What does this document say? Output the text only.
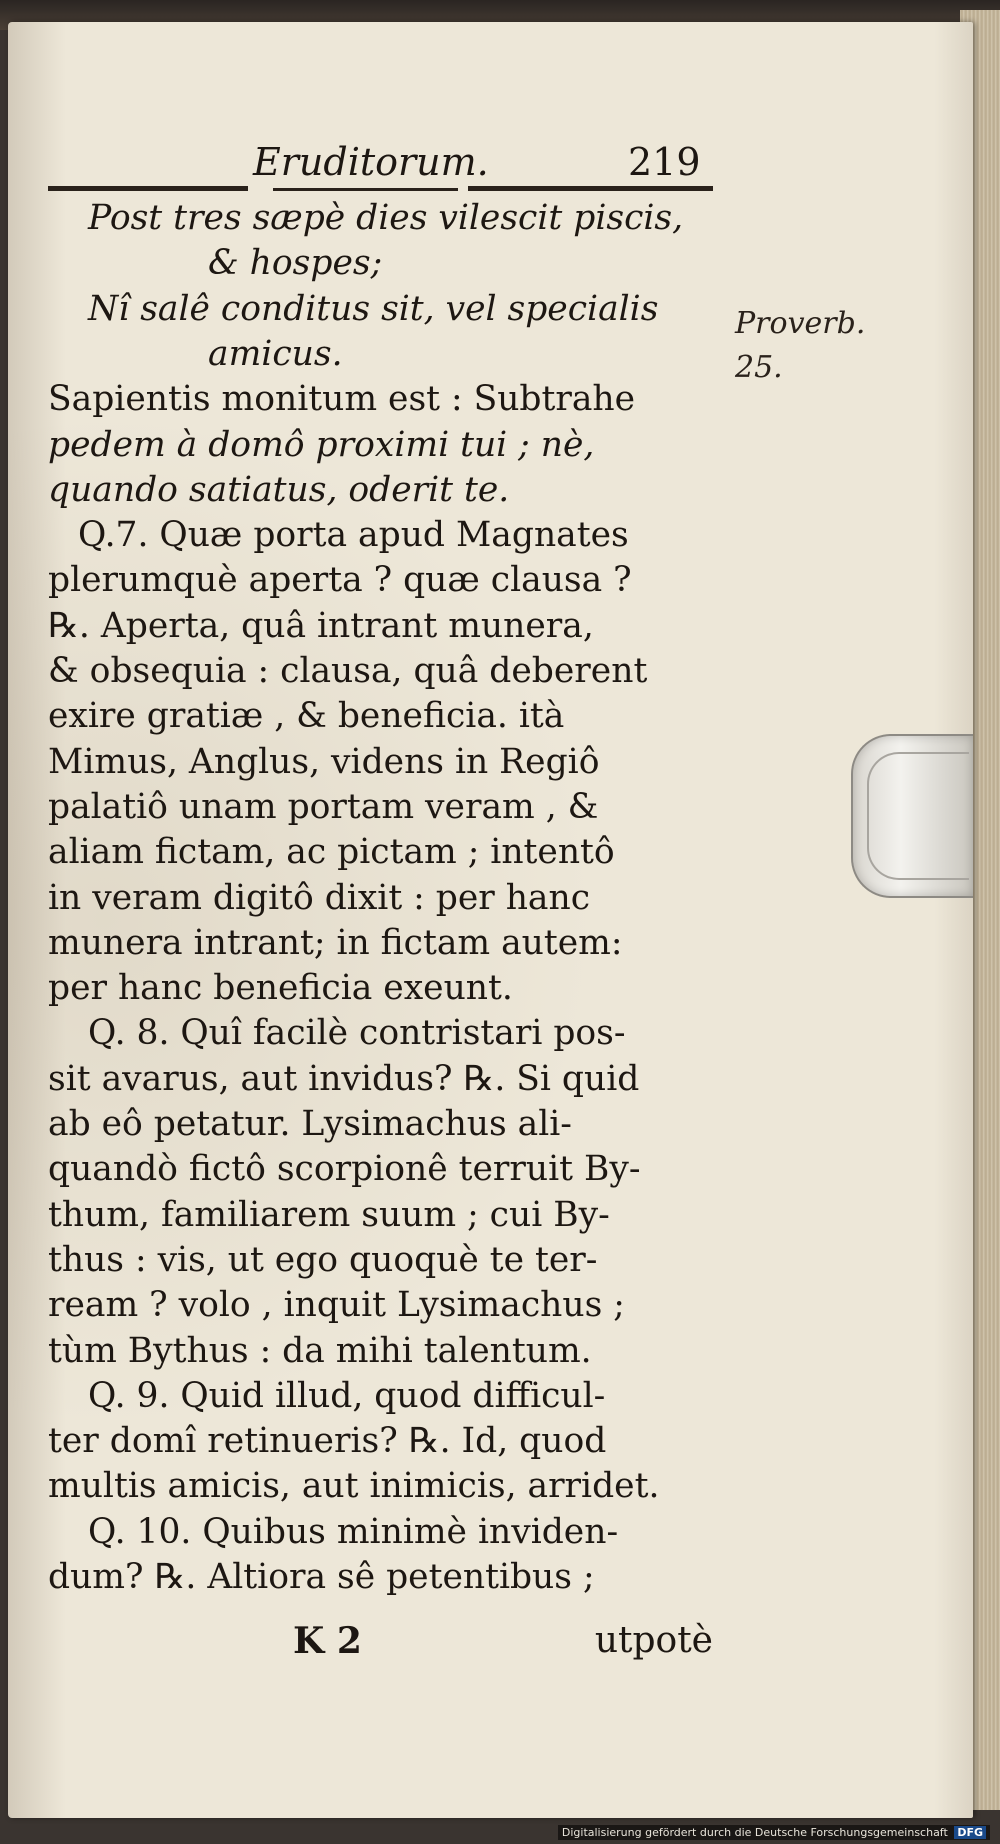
Eruditorum.	219
Post tres sæpè dies vilescit piscis,
& hospes;
Nî salê conditus sit, vel specialis
amicus.
Sapientis monitum est : Subtrahe
pedem à domô proximi tui ; nè,
quando satiatus, oderit te.
Q.7. Quæ porta apud Magnates
plerumquè aperta ? quæ clausa ?
℞. Aperta, quâ intrant munera,
& obsequia : clausa, quâ deberent
exire gratiæ , & beneficia. ità
Mimus, Anglus, videns in Regiô
palatiô unam portam veram , &
aliam fictam, ac pictam ; intentô
in veram digitô dixit : per hanc
munera intrant; in fictam autem:
per hanc beneficia exeunt.
Q. 8. Quî facilè contristari pos-
sit avarus, aut invidus? ℞. Si quid
ab eô petatur. Lysimachus ali-
quandò fictô scorpionê terruit By-
thum, familiarem suum ; cui By-
thus : vis, ut ego quoquè te ter-
ream ? volo , inquit Lysimachus ;
tùm Bythus : da mihi talentum.
Q. 9. Quid illud, quod difficul-
ter domî retinueris? ℞. Id, quod
multis amicis, aut inimicis, arridet.
Q. 10. Quibus minimè inviden-
dum? ℞. Altiora sê petentibus ;
Proverb.
25.
K 2	utpotè
Digitalisierung gefördert durch die Deutsche Forschungsgemeinschaft DFG
